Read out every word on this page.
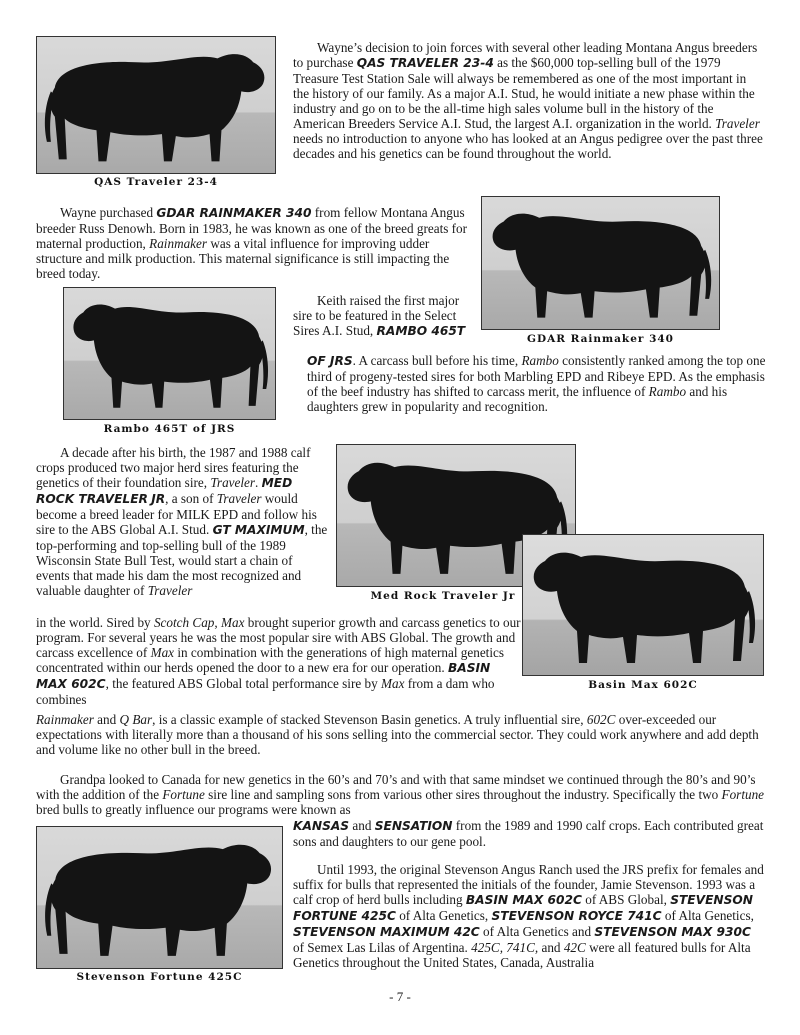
QAS Traveler 23-4

GDAR Rainmaker 340

Rambo 465T of JRS

Med Rock Traveler Jr

Basin Max 602C

Stevenson Fortune 425C

Wayne’s decision to join forces with several other leading Montana Angus breeders to purchase QAS TRAVELER 23-4 as the $60,000 top-selling bull of the 1979 Treasure Test Station Sale will always be remembered as one of the most important in the history of our family. As a major A.I. Stud, he would initiate a new phase within the industry and go on to be the all-time high sales volume bull in the history of the American Breeders Service A.I. Stud, the largest A.I. organization in the world. Traveler needs no introduction to anyone who has looked at an Angus pedigree over the past three decades and his genetics can be found throughout the world.

Wayne purchased GDAR RAINMAKER 340 from fellow Montana Angus breeder Russ Denowh. Born in 1983, he was known as one of the breed greats for maternal production, Rainmaker was a vital influence for improving udder structure and milk production. This maternal significance is still impacting the breed today.

Keith raised the first major sire to be featured in the Select Sires A.I. Stud, RAMBO 465T

OF JRS. A carcass bull before his time, Rambo consistently ranked among the top one third of progeny-tested sires for both Marbling EPD and Ribeye EPD. As the emphasis of the beef industry has shifted to carcass merit, the influence of Rambo and his daughters grew in popularity and recognition.

A decade after his birth, the 1987 and 1988 calf crops produced two major herd sires featuring the genetics of their foundation sire, Traveler. MED ROCK TRAVELER JR, a son of Traveler would become a breed leader for MILK EPD and follow his sire to the ABS Global A.I. Stud. GT MAXIMUM, the top-performing and top-selling bull of the 1989 Wisconsin State Bull Test, would start a chain of events that made his dam the most recognized and valuable daughter of Traveler

in the world. Sired by Scotch Cap, Max brought superior growth and carcass genetics to our program. For several years he was the most popular sire with ABS Global. The growth and carcass excellence of Max in combination with the generations of high maternal genetics concentrated within our herds opened the door to a new era for our operation. BASIN MAX 602C, the featured ABS Global total performance sire by Max from a dam who combines

Rainmaker and Q Bar, is a classic example of stacked Stevenson Basin genetics. A truly influential sire, 602C over-exceeded our expectations with literally more than a thousand of his sons selling into the commercial sector. They could work anywhere and add depth and volume like no other bull in the breed.

Grandpa looked to Canada for new genetics in the 60’s and 70’s and with that same mindset we continued through the 80’s and 90’s with the addition of the Fortune sire line and sampling sons from various other sires throughout the industry. Specifically the two Fortune bred bulls to greatly influence our programs were known as

KANSAS and SENSATION from the 1989 and 1990 calf crops. Each contributed great sons and daughters to our gene pool.

Until 1993, the original Stevenson Angus Ranch used the JRS prefix for females and suffix for bulls that represented the initials of the founder, Jamie Stevenson. 1993 was a calf crop of herd bulls including BASIN MAX 602C of ABS Global, STEVENSON FORTUNE 425C of Alta Genetics, STEVENSON ROYCE 741C of Alta Genetics, STEVENSON MAXIMUM 42C of Alta Genetics and STEVENSON MAX 930C of Semex Las Lilas of Argentina. 425C, 741C, and 42C were all featured bulls for Alta Genetics throughout the United States, Canada, Australia

- 7 -
